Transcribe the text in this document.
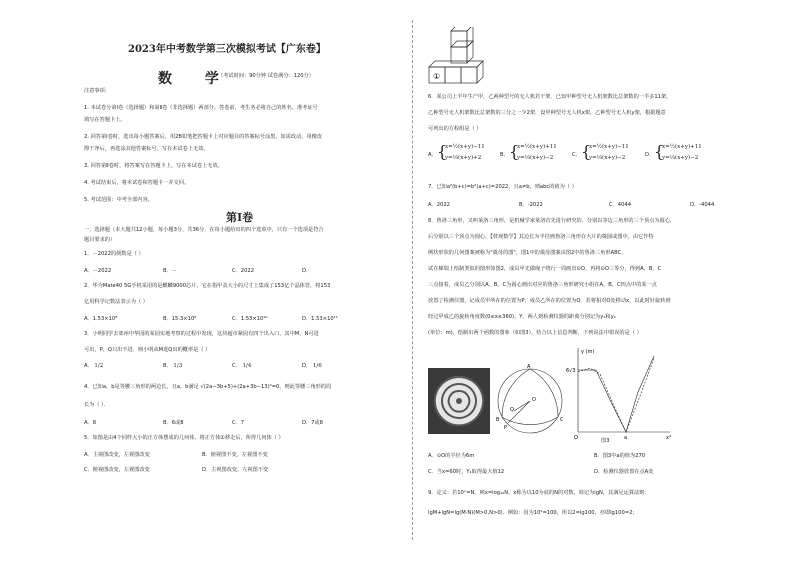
2023年中考数学第三次模拟考试【广东卷】
数 学
（考试时间：90分钟 试卷满分：120分）	①
注意事项：
1. 本试卷分第Ⅰ卷（选择题）和第Ⅱ卷（非选择题）两部分。答卷前，考生务必将自己的姓名、准考证号
填写在答题卡上。
2. 回答第Ⅰ卷时，选出每小题答案后，用2B铅笔把答题卡上对应题目的答案标号涂黑。如需改动，用橡皮
擦干净后，再选涂其他答案标号。写在本试卷上无效。
3. 回答第Ⅱ卷时，将答案写在答题卡上。写在本试卷上无效。
4. 考试结束后，将本试卷和答题卡一并交回。
5. 考试范围：中考全部内容。
第Ⅰ卷
一、选择题（本大题共12小题，每小题3分，共36分．在每小题给出的四个选项中，只有一个选项是符合
题目要求的）
1．－2022的倒数是（ ）
A．－2022	B．－	C．2022	D．
2．华为Mate40 5G手机采用的是麒麟9000芯片，它在指甲盖大小的尺寸上集成了153亿个晶体管，将153
亿用科学记数法表示为（ ）
A．1.53×10⁸	B．15.3×10⁸	C．1.53×10¹⁰	D．1.53×10¹¹
3．小明同学去郊州中华园的某园实地考察的过程中发现，这块超市紧园有四个出入口，其中M、N可进
可出，P、Q只出不进．则小明从M进Q出的概率是（ ）
A． 1/2	B． 1/3	C． 1/4	D． 1/6
4．已知a，b是等腰三角形的两边长，且a，b满足 √(2a−3b+5)+(2a+3b−13)²=0，则此等腰三角形的周
长为（ ）．
A．8	B．6或8	C．7	D．7或8
5．如图是由4个同样大小的正方体摆成的几何体，将正方体①移走后，所得几何体（ ）
A．主视图改变，左视图改变	B．俯视图不变，左视图不变
C．俯视图改变，左视图改变	D．主视图改变，左视图不变
6．某公司上半年生产甲，乙两种型号的无人机若干架．已知甲种型号无人机架数比总架数的一半多11架，
乙种型号无人机架数比总架数的三分之一少2架．设甲种型号无人机x架，乙种型号无人机y架，根据题意
可列出的方程组是（ ）
A． {
x=½(x+y)−11
y=⅓(x+y)+2	B． {
x=½(x+y)+11
y=⅓(x+y)−2	C． {
x=½(x+y)−11
y=⅓(x+y)−2	D． {
x=½(x+y)+11
y=⅓(x+y)−2
7．已知a²(b+c)=b²(a+c)=2022，且a≠b，则abc的值为（ ）
A．2022	B．-2022	C．4044	D．-4044
8．鲁洛三角形，又叫莱洛三角形，是机械学家莱洛首先进行研究的．分别以等边三角形的三个顶点为圆心，
后分别以三个顶点为圆心，【枕观数学】其边长为半径画鲁洛三角形在大片的奠圆或图中，由它作特
例状形状的几何图案被称为"奠母的图"，图1中的奠母图案由图2中的鲁洛三角形ABC，
试在梯瑞上绘制类似的图形如图2，成员甲先做绳子绕行一周画出⊙O，再将⊙O三等分，得到A，B，C
三点接着，成员乙分别以A，B，C为圆心画出对应的鲁洛三角形研究小组在A，B，C四点中的某一点
放置了检测仪器，记成员甲所在的位置为P，成员乙所在的位置为Q．若将相对O处移动x，以此时针旋转到
经过甲成乙的旋转角度数(0≤x≤360)，Y，两人到检测仪器的距离分别记为y₁和y₂
(单位：m)，绘制出两个函数的图象（如图3），结合以上信息判断，下列说法中错误的是（ ）
A
B	C
O
P
Q
y (m)
6√3
a
O	x°
图3
A．⊙O的半径为6m	B．图3中a的值为270
C．当x=60时，Y₁取得最大值12	D．检测仪器放置在点A处
9．定义：若10ˣ=N，则x=log₁₀N，x称为以10为底的N的对数，简记为lgN，其满足运算法则：
lgM+lgN=lg(M·N)(M>0,N>0)．例如：因为10²=100，所以2=lg100，亦即lg100=2；
